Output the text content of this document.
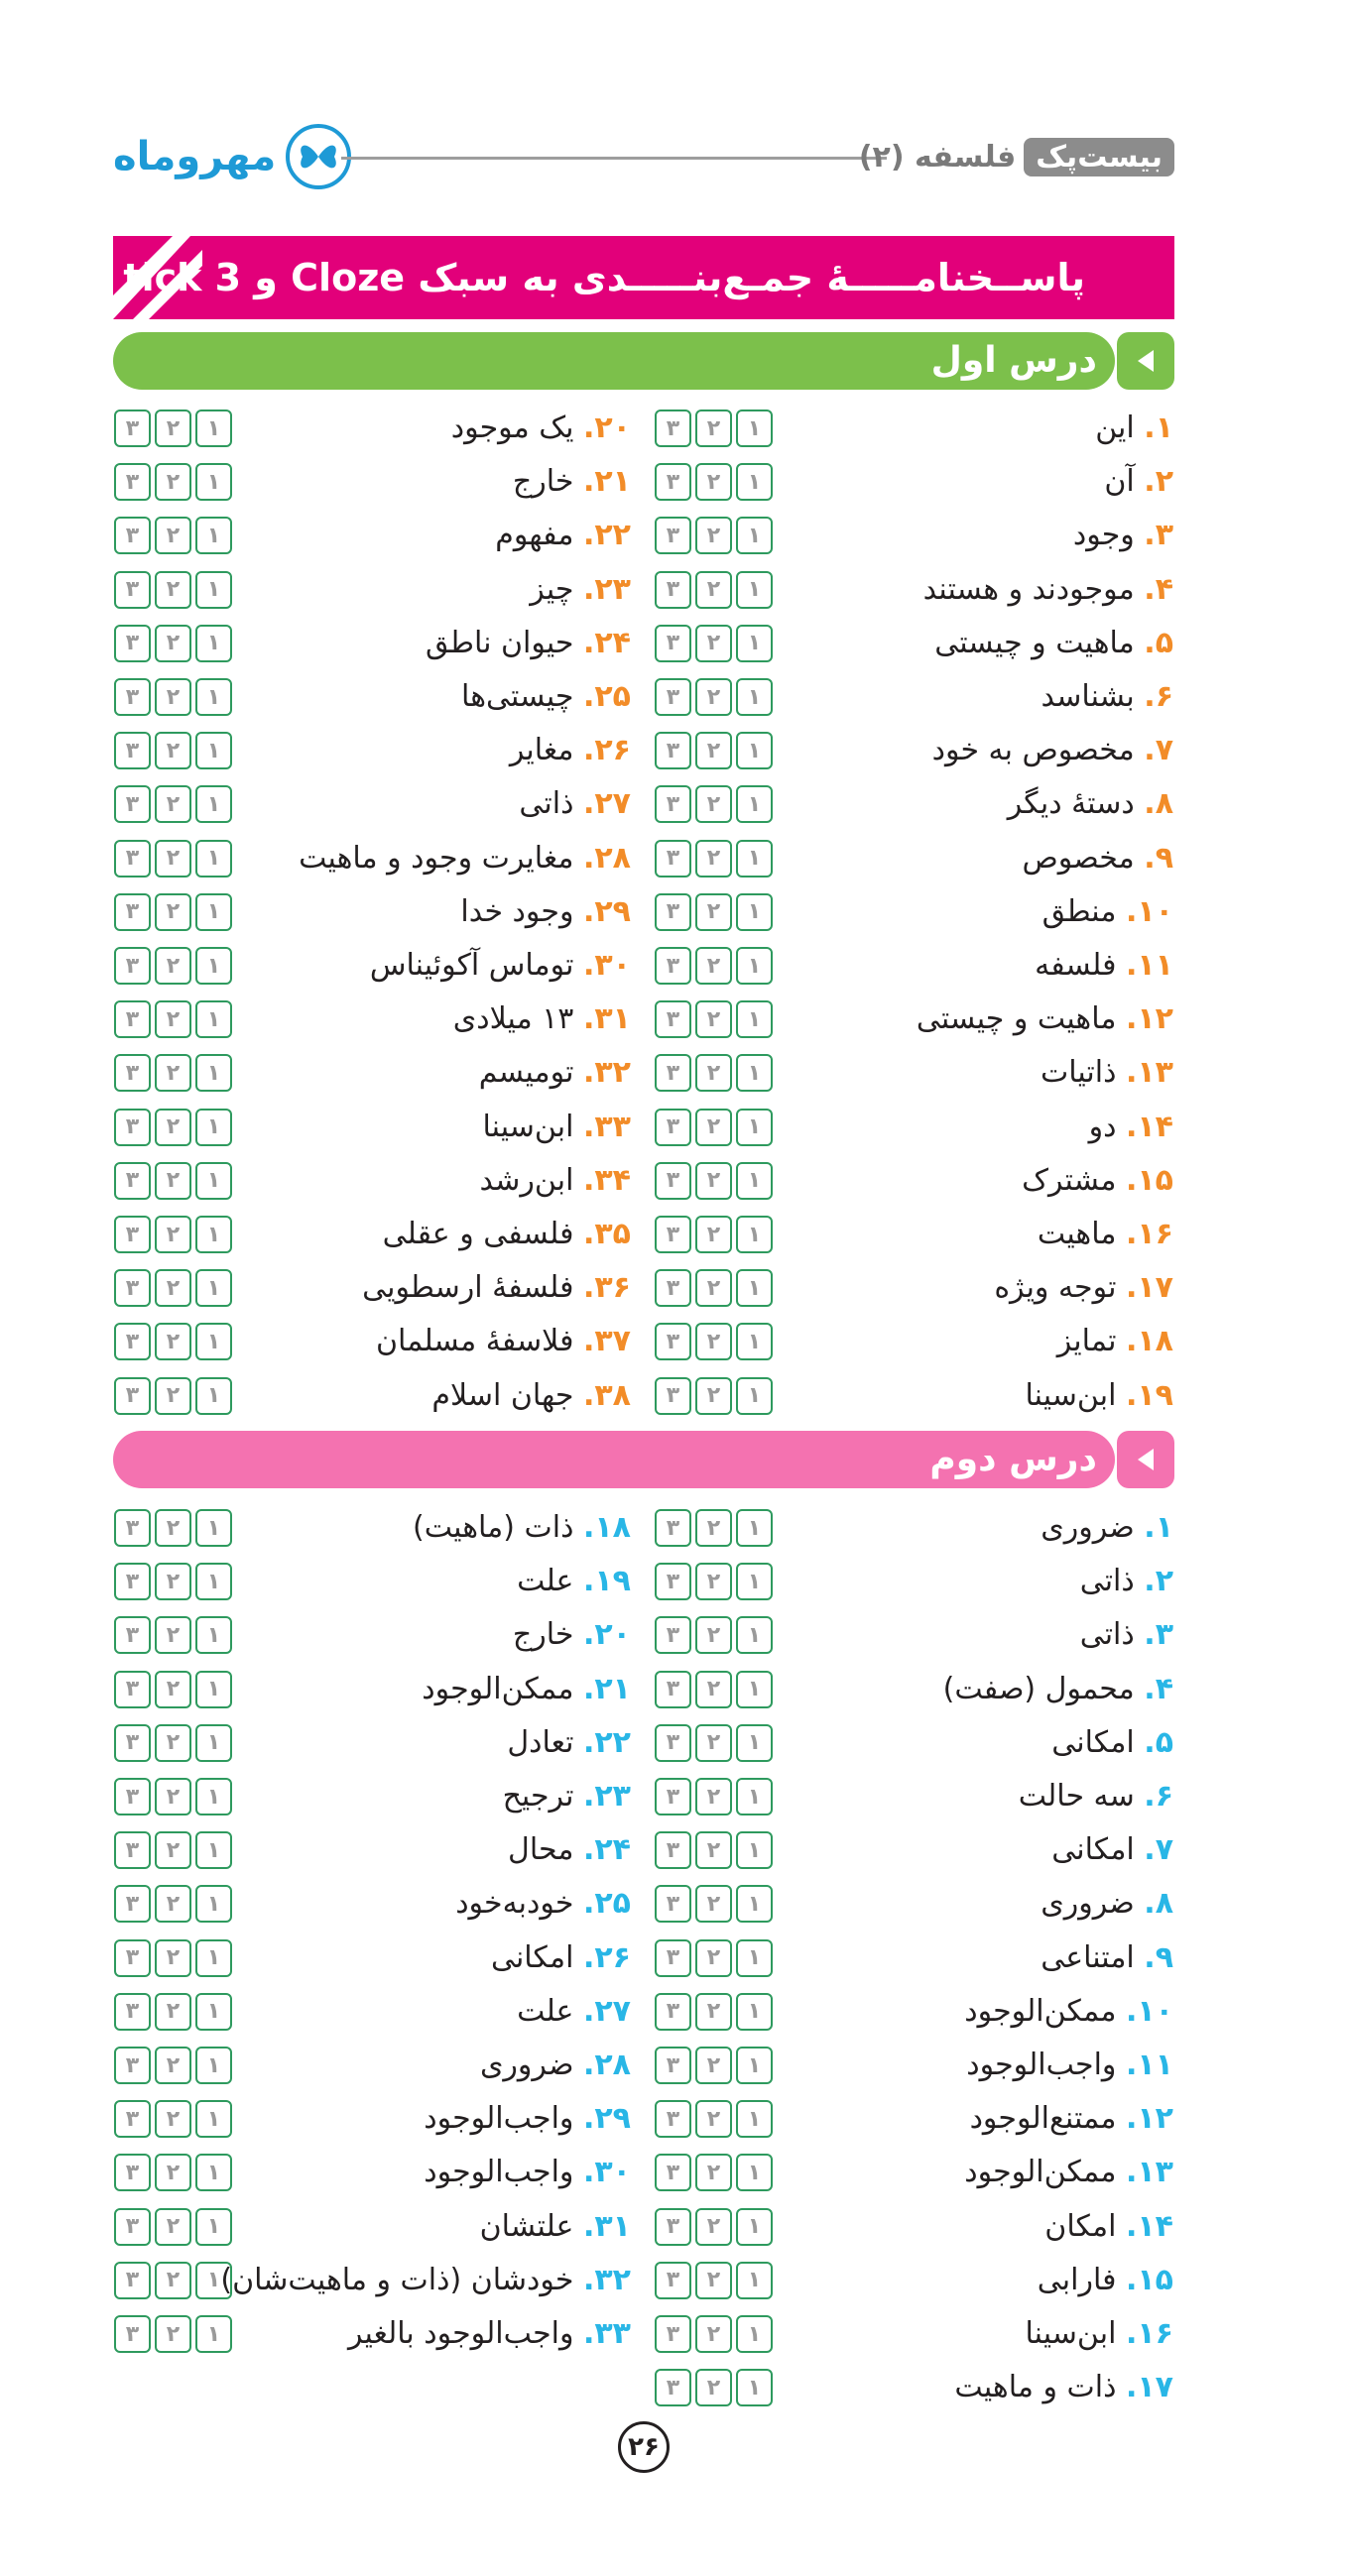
مهروماه	بیست‌پک
فلسفه (۲)
پاســخنامـــــهٔ جمـع‌بنـــــدی به سبک Cloze و tick 3
درس اول
۱. این
۳	۲	۱
۲. آن
۳	۲	۱
۳. وجود
۳	۲	۱
۴. موجودند و هستند
۳	۲	۱
۵. ماهیت و چیستی
۳	۲	۱
۶. بشناسد
۳	۲	۱
۷. مخصوص به خود
۳	۲	۱
۸. دستهٔ دیگر
۳	۲	۱
۹. مخصوص
۳	۲	۱
۱۰. منطق
۳	۲	۱
۱۱. فلسفه
۳	۲	۱
۱۲. ماهیت و چیستی
۳	۲	۱
۱۳. ذاتیات
۳	۲	۱
۱۴. دو
۳	۲	۱
۱۵. مشترک
۳	۲	۱
۱۶. ماهیت
۳	۲	۱
۱۷. توجه ویژه
۳	۲	۱
۱۸. تمایز
۳	۲	۱
۱۹. ابن‌سینا
۳	۲	۱
۲۰. یک موجود
۳	۲	۱
۲۱. خارج
۳	۲	۱
۲۲. مفهوم
۳	۲	۱
۲۳. چیز
۳	۲	۱
۲۴. حیوان ناطق
۳	۲	۱
۲۵. چیستی‌ها
۳	۲	۱
۲۶. مغایر
۳	۲	۱
۲۷. ذاتی
۳	۲	۱
۲۸. مغایرت وجود و ماهیت
۳	۲	۱
۲۹. وجود خدا
۳	۲	۱
۳۰. توماس آکوئیناس
۳	۲	۱
۳۱. ۱۳ میلادی
۳	۲	۱
۳۲. تومیسم
۳	۲	۱
۳۳. ابن‌سینا
۳	۲	۱
۳۴. ابن‌رشد
۳	۲	۱
۳۵. فلسفی و عقلی
۳	۲	۱
۳۶. فلسفهٔ ارسطویی
۳	۲	۱
۳۷. فلاسفهٔ مسلمان
۳	۲	۱
۳۸. جهان اسلام
۳	۲	۱
درس دوم
۱. ضروری
۳	۲	۱
۲. ذاتی
۳	۲	۱
۳. ذاتی
۳	۲	۱
۴. محمول (صفت)
۳	۲	۱
۵. امکانی
۳	۲	۱
۶. سه حالت
۳	۲	۱
۷. امکانی
۳	۲	۱
۸. ضروری
۳	۲	۱
۹. امتناعی
۳	۲	۱
۱۰. ممکن‌الوجود
۳	۲	۱
۱۱. واجب‌الوجود
۳	۲	۱
۱۲. ممتنع‌الوجود
۳	۲	۱
۱۳. ممکن‌الوجود
۳	۲	۱
۱۴. امکان
۳	۲	۱
۱۵. فارابی
۳	۲	۱
۱۶. ابن‌سینا
۳	۲	۱
۱۷. ذات و ماهیت
۳	۲	۱
۱۸. ذات (ماهیت)
۳	۲	۱
۱۹. علت
۳	۲	۱
۲۰. خارج
۳	۲	۱
۲۱. ممکن‌الوجود
۳	۲	۱
۲۲. تعادل
۳	۲	۱
۲۳. ترجیح
۳	۲	۱
۲۴. محال
۳	۲	۱
۲۵. خودبه‌خود
۳	۲	۱
۲۶. امکانی
۳	۲	۱
۲۷. علت
۳	۲	۱
۲۸. ضروری
۳	۲	۱
۲۹. واجب‌الوجود
۳	۲	۱
۳۰. واجب‌الوجود
۳	۲	۱
۳۱. علتشان
۳	۲	۱
۳۲. خودشان (ذات و ماهیت‌شان)
۳	۲	۱
۳۳. واجب‌الوجود بالغیر
۳	۲	۱
۲۶
